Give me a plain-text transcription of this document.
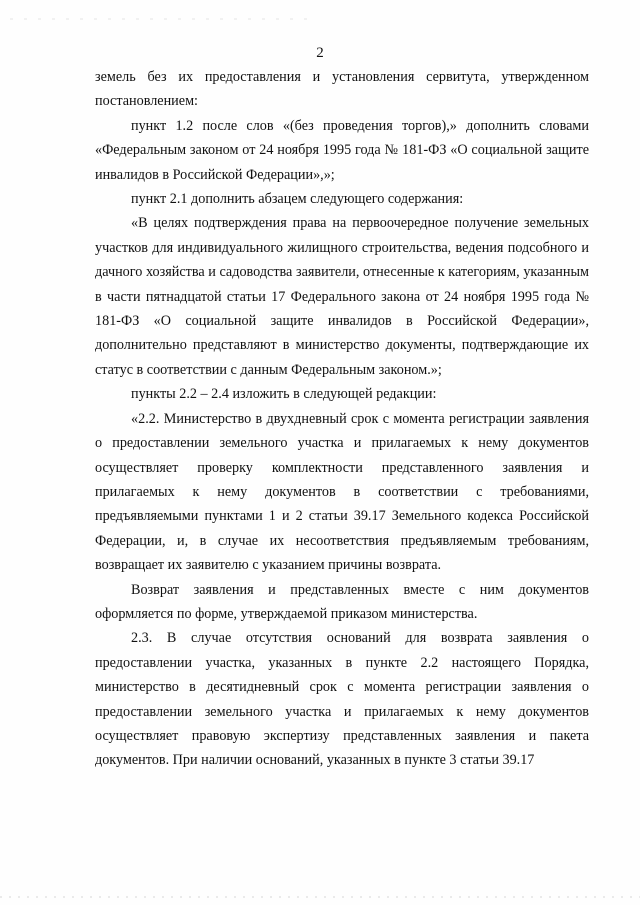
2

земель без их предоставления и установления сервитута, утвержденном постановлением:

пункт 1.2 после слов «(без проведения торгов),» дополнить словами «Федеральным законом от 24 ноября 1995 года № 181-ФЗ «О социальной защите инвалидов в Российской Федерации»,»;

пункт 2.1 дополнить абзацем следующего содержания:

«В целях подтверждения права на первоочередное получение земельных участков для индивидуального жилищного строительства, ведения подсобного и дачного хозяйства и садоводства заявители, отнесенные к категориям, указанным в части пятнадцатой статьи 17 Федерального закона от 24 ноября 1995 года № 181-ФЗ «О социальной защите инвалидов в Российской Федерации», дополнительно представляют в министерство документы, подтверждающие их статус в соответствии с данным Федеральным законом.»;

пункты 2.2 – 2.4 изложить в следующей редакции:

«2.2. Министерство в двухдневный срок с момента регистрации заявления о предоставлении земельного участка и прилагаемых к нему документов осуществляет проверку комплектности представленного заявления и прилагаемых к нему документов в соответствии с требованиями, предъявляемыми пунктами 1 и 2 статьи 39.17 Земельного кодекса Российской Федерации, и, в случае их несоответствия предъявляемым требованиям, возвращает их заявителю с указанием причины возврата.

Возврат заявления и представленных вместе с ним документов оформляется по форме, утверждаемой приказом министерства.

2.3. В случае отсутствия оснований для возврата заявления о предоставлении участка, указанных в пункте 2.2 настоящего Порядка, министерство в десятидневный срок с момента регистрации заявления о предоставлении земельного участка и прилагаемых к нему документов осуществляет правовую экспертизу представленных заявления и пакета документов. При наличии оснований, указанных в пункте 3 статьи 39.17
